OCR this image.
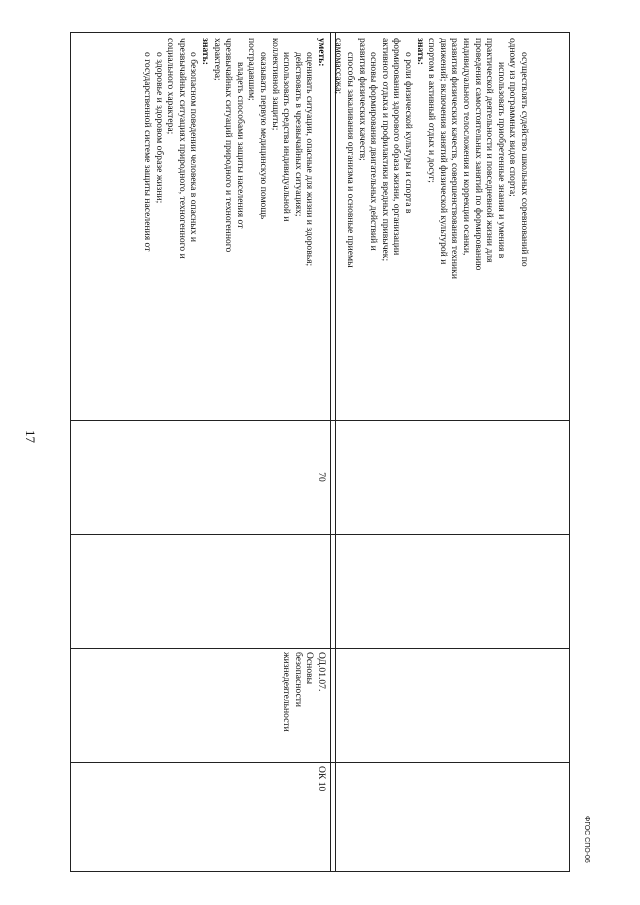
17

осуществлять судейство школьных соревнований по

одному из программных видов спорта;

использовать приобретенные знания и умения в

практической деятельности и повседневной жизни для

проведения самостоятельных занятий по формированию

индивидуального телосложения и коррекции осанки,

развития физических качеств, совершенствования техники

движений; включения занятий физической культурой и

спортом в активный отдых и досуг;

знать:

о роли физической культуры и спорта в

формировании здорового образа жизни, организации

активного отдыха и профилактики вредных привычек;

основы формирования двигательных действий и

развития физических качеств;

способы закаливания организма и основные приемы

самомассажа;

уметь:

оценивать ситуации, опасные для жизни и здоровья;

действовать в чрезвычайных ситуациях;

использовать средства индивидуальной и

коллективной защиты;

оказывать первую медицинскую помощь

пострадавшим;

владеть способами защиты населения от

чрезвычайных ситуаций природного и техногенного

характера;

знать:

о безопасном поведении человека в опасных и

чрезвычайных ситуациях природного, техногенного и

социального характера;

о здоровье и здоровом образе жизни;

о государственной системе защиты населения от

70

ОД.01.07.

Основы

безопасности

жизнедеятельности

ОК 10

ФГОС СПО-06
